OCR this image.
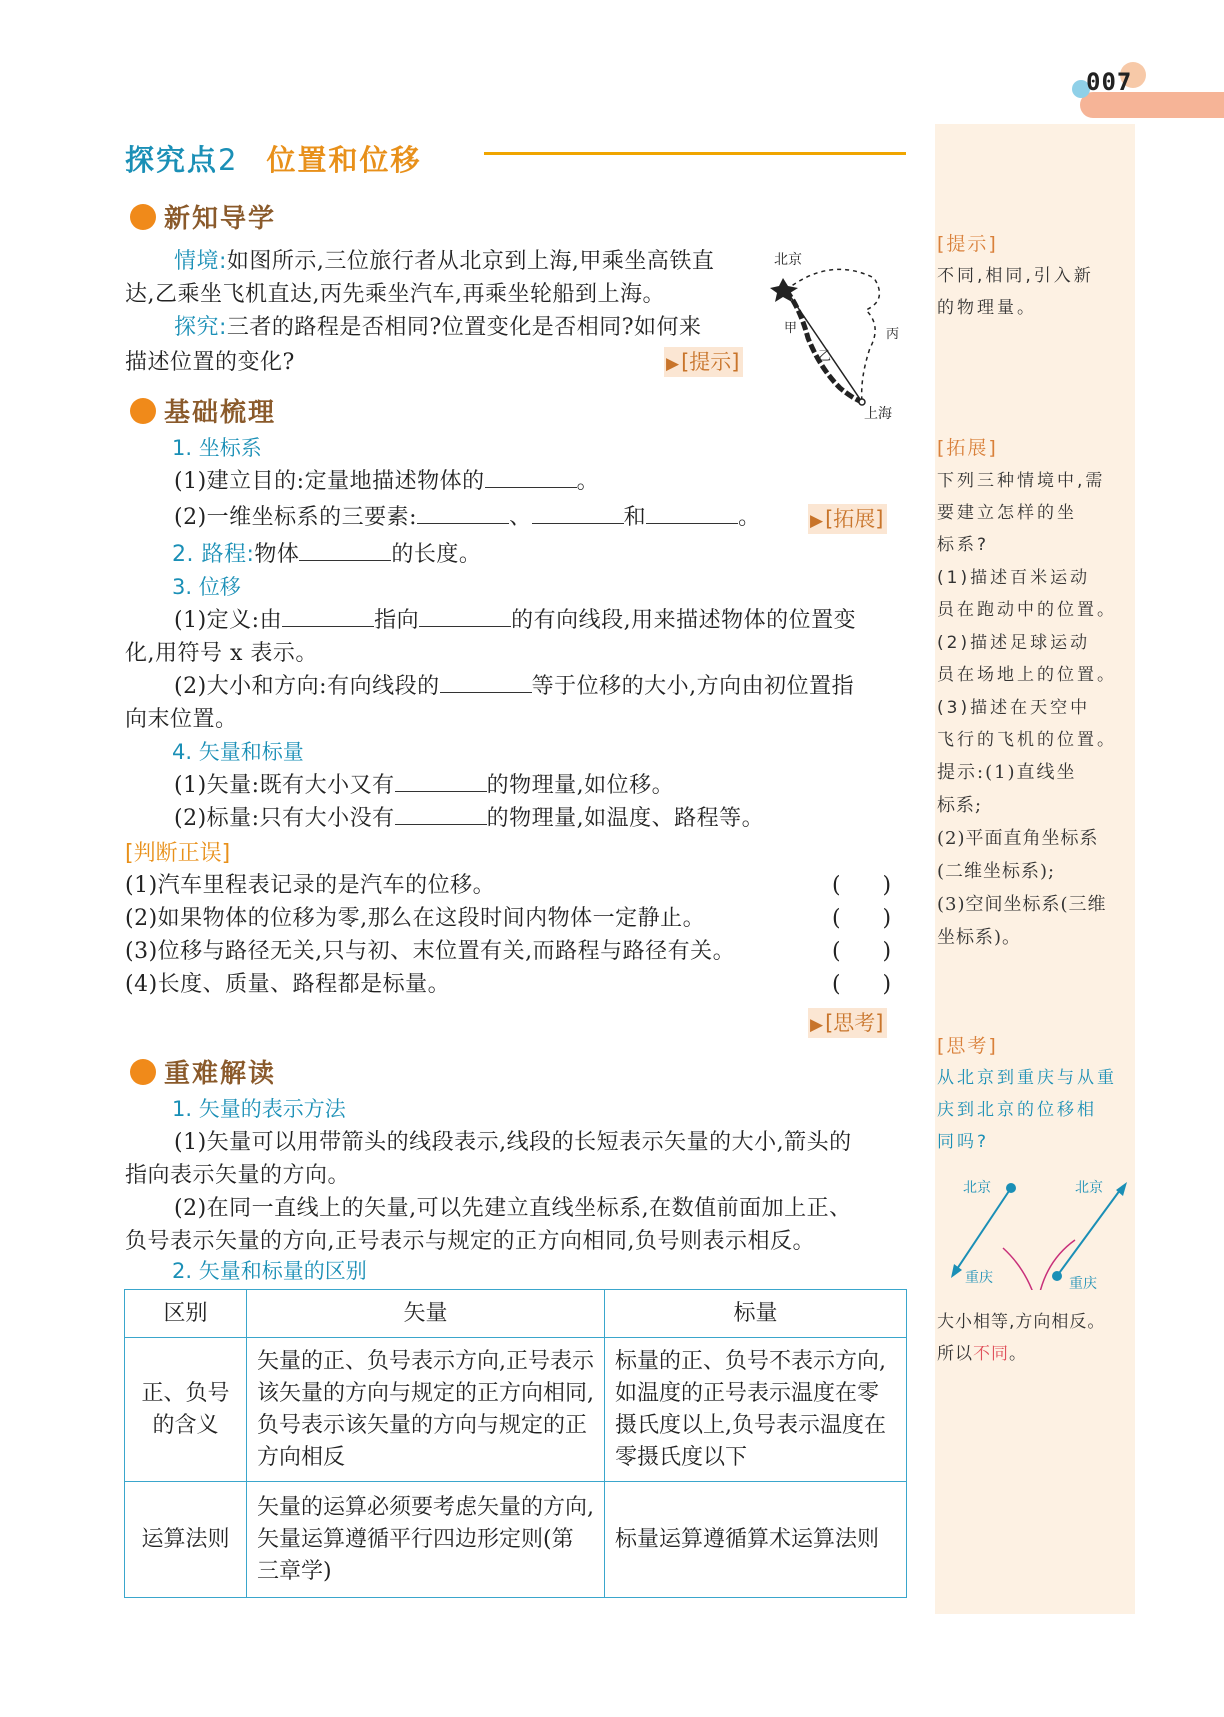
007
探究点2 位置和位移
新知导学
情境:如图所示,三位旅行者从北京到上海,甲乘坐高铁直
达,乙乘坐飞机直达,丙先乘坐汽车,再乘坐轮船到上海。
探究:三者的路程是否相同?位置变化是否相同?如何来
描述位置的变化?
北京
上海
甲
乙
丙
▶[提示]
基础梳理
1. 坐标系
(1)建立目的:定量地描述物体的	。
(2)一维坐标系的三要素:	、	和	。	▶[拓展]
2. 路程:物体	的长度。
3. 位移
(1)定义:由	指向	的有向线段,用来描述物体的位置变
化,用符号 x 表示。
(2)大小和方向:有向线段的	等于位移的大小,方向由初位置指
向末位置。
4. 矢量和标量
(1)矢量:既有大小又有	的物理量,如位移。
(2)标量:只有大小没有	的物理量,如温度、路程等。
[判断正误]
(1)汽车里程表记录的是汽车的位移。	(      )
(2)如果物体的位移为零,那么在这段时间内物体一定静止。	(      )
(3)位移与路径无关,只与初、末位置有关,而路程与路径有关。	(      )
(4)长度、质量、路程都是标量。	(      )
▶[思考]
重难解读
1. 矢量的表示方法
(1)矢量可以用带箭头的线段表示,线段的长短表示矢量的大小,箭头的
指向表示矢量的方向。
(2)在同一直线上的矢量,可以先建立直线坐标系,在数值前面加上正、
负号表示矢量的方向,正号表示与规定的正方向相同,负号则表示相反。
2. 矢量和标量的区别
区别	矢量	标量
正、负号的含义	矢量的正、负号表示方向,正号表示该矢量的方向与规定的正方向相同,负号表示该矢量的方向与规定的正方向相反	标量的正、负号不表示方向,如温度的正号表示温度在零摄氏度以上,负号表示温度在零摄氏度以下
运算法则	矢量的运算必须要考虑矢量的方向,矢量运算遵循平行四边形定则(第三章学)	标量运算遵循算术运算法则
[提示]
不同,相同,引入新
的物理量。
[拓展]
下列三种情境中,需
要建立怎样的坐
标系?
(1)描述百米运动
员在跑动中的位置。
(2)描述足球运动
员在场地上的位置。
(3)描述在天空中
飞行的飞机的位置。
提示:(1)直线坐
标系;
(2)平面直角坐标系
(二维坐标系);
(3)空间坐标系(三维
坐标系)。
[思考]
从北京到重庆与从重
庆到北京的位移相
同吗?
北京	北京
重庆	重庆
大小相等,方向相反。
所以不同。
